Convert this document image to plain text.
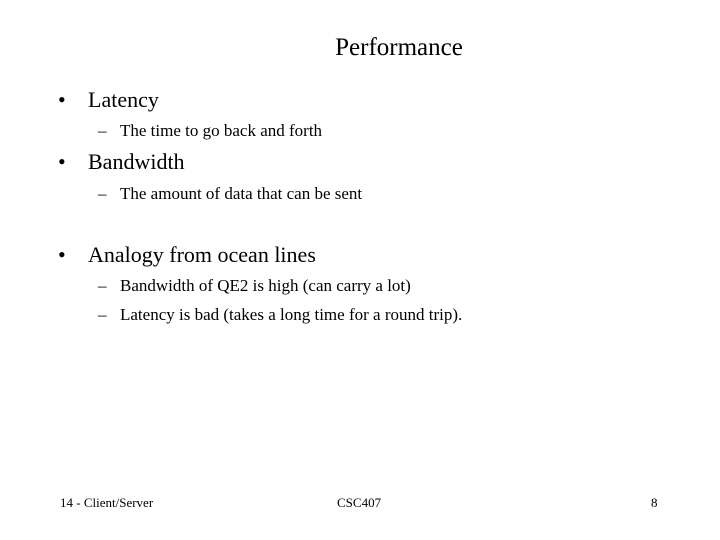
Performance
• Latency
– The time to go back and forth
• Bandwidth
– The amount of data that can be sent
• Analogy from ocean lines
– Bandwidth of QE2 is high (can carry a lot)
– Latency is bad (takes a long time for a round trip).
14 - Client/Server	CSC407	8
